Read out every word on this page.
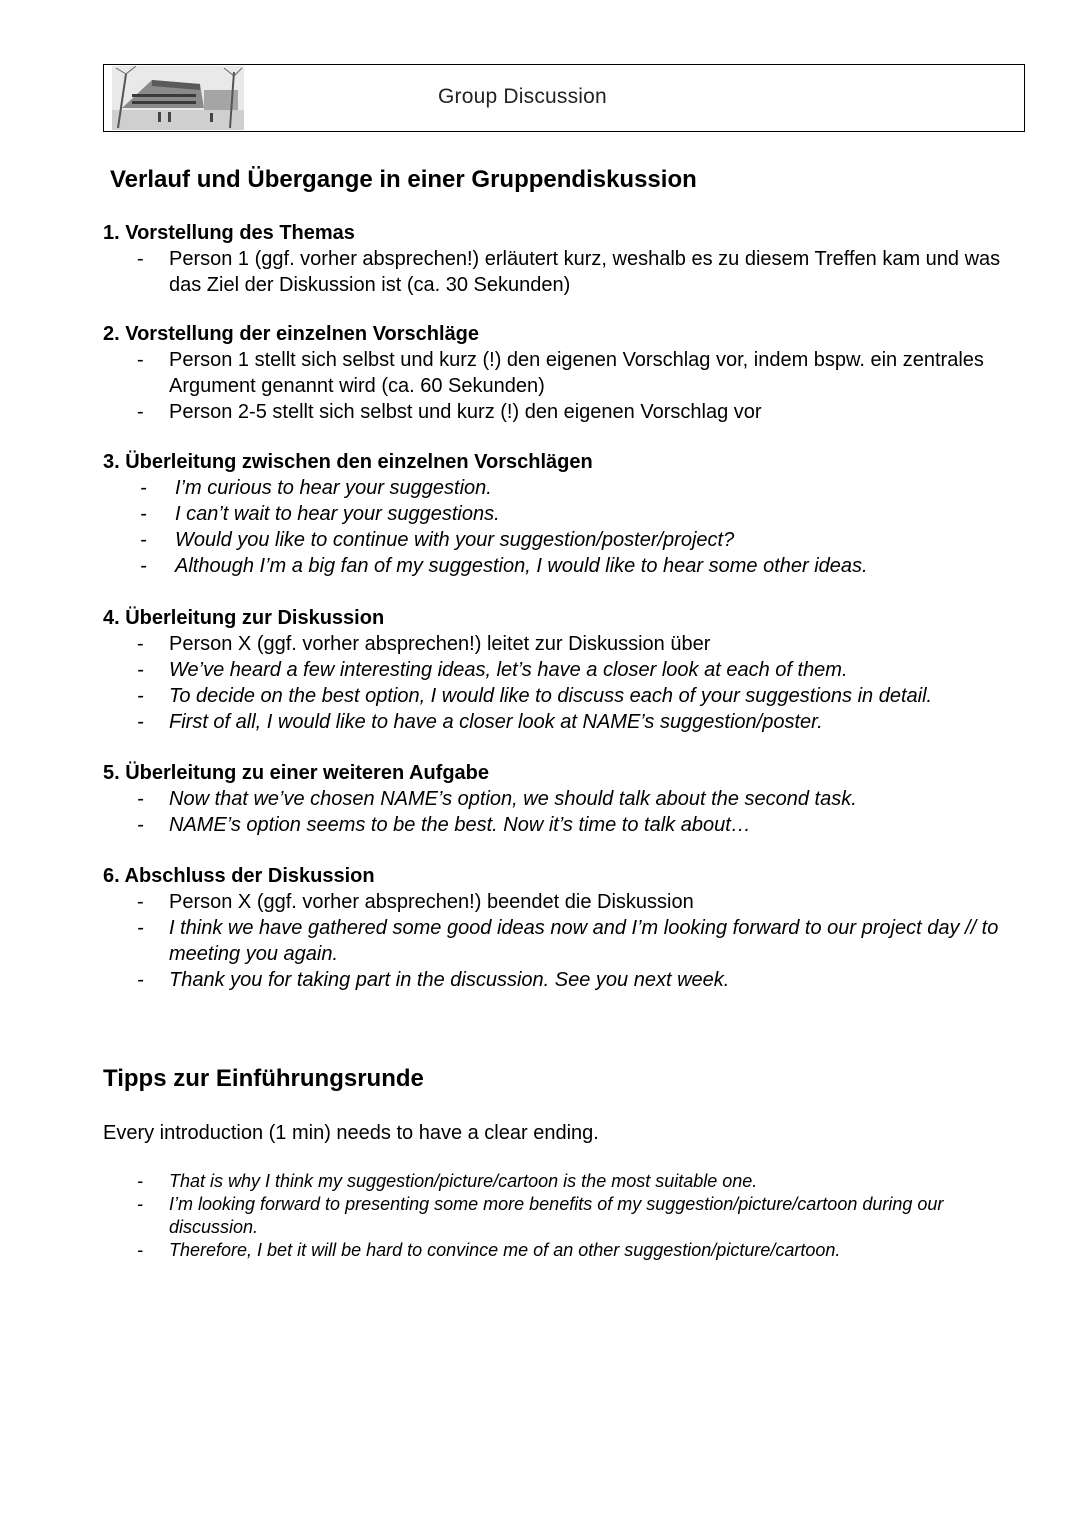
Group Discussion
Verlauf und Übergange in einer Gruppendiskussion
1. Vorstellung des Themas
- Person 1 (ggf. vorher absprechen!) erläutert kurz, weshalb es zu diesem Treffen kam und was das Ziel der Diskussion ist (ca. 30 Sekunden)
2. Vorstellung der einzelnen Vorschläge
- Person 1 stellt sich selbst und kurz (!) den eigenen Vorschlag vor, indem bspw. ein zentrales Argument genannt wird (ca. 60 Sekunden)
- Person 2-5 stellt sich selbst und kurz (!) den eigenen Vorschlag vor
3. Überleitung zwischen den einzelnen Vorschlägen
- I’m curious to hear your suggestion.
- I can’t wait to hear your suggestions.
- Would you like to continue with your suggestion/poster/project?
- Although I’m a big fan of my suggestion, I would like to hear some other ideas.
4. Überleitung zur Diskussion
- Person X (ggf. vorher absprechen!) leitet zur Diskussion über
- We’ve heard a few interesting ideas, let’s have a closer look at each of them.
- To decide on the best option, I would like to discuss each of your suggestions in detail.
- First of all, I would like to have a closer look at NAME’s suggestion/poster.
5. Überleitung zu einer weiteren Aufgabe
- Now that we’ve chosen NAME’s option, we should talk about the second task.
- NAME’s option seems to be the best. Now it’s time to talk about…
6. Abschluss der Diskussion
- Person X (ggf. vorher absprechen!) beendet die Diskussion
- I think we have gathered some good ideas now and I’m looking forward to our project day // to meeting you again.
- Thank you for taking part in the discussion. See you next week.
Tipps zur Einführungsrunde
Every introduction (1 min) needs to have a clear ending.
- That is why I think my suggestion/picture/cartoon is the most suitable one.
- I’m looking forward to presenting some more benefits of my suggestion/picture/cartoon during our discussion.
- Therefore, I bet it will be hard to convince me of an other suggestion/picture/cartoon.
